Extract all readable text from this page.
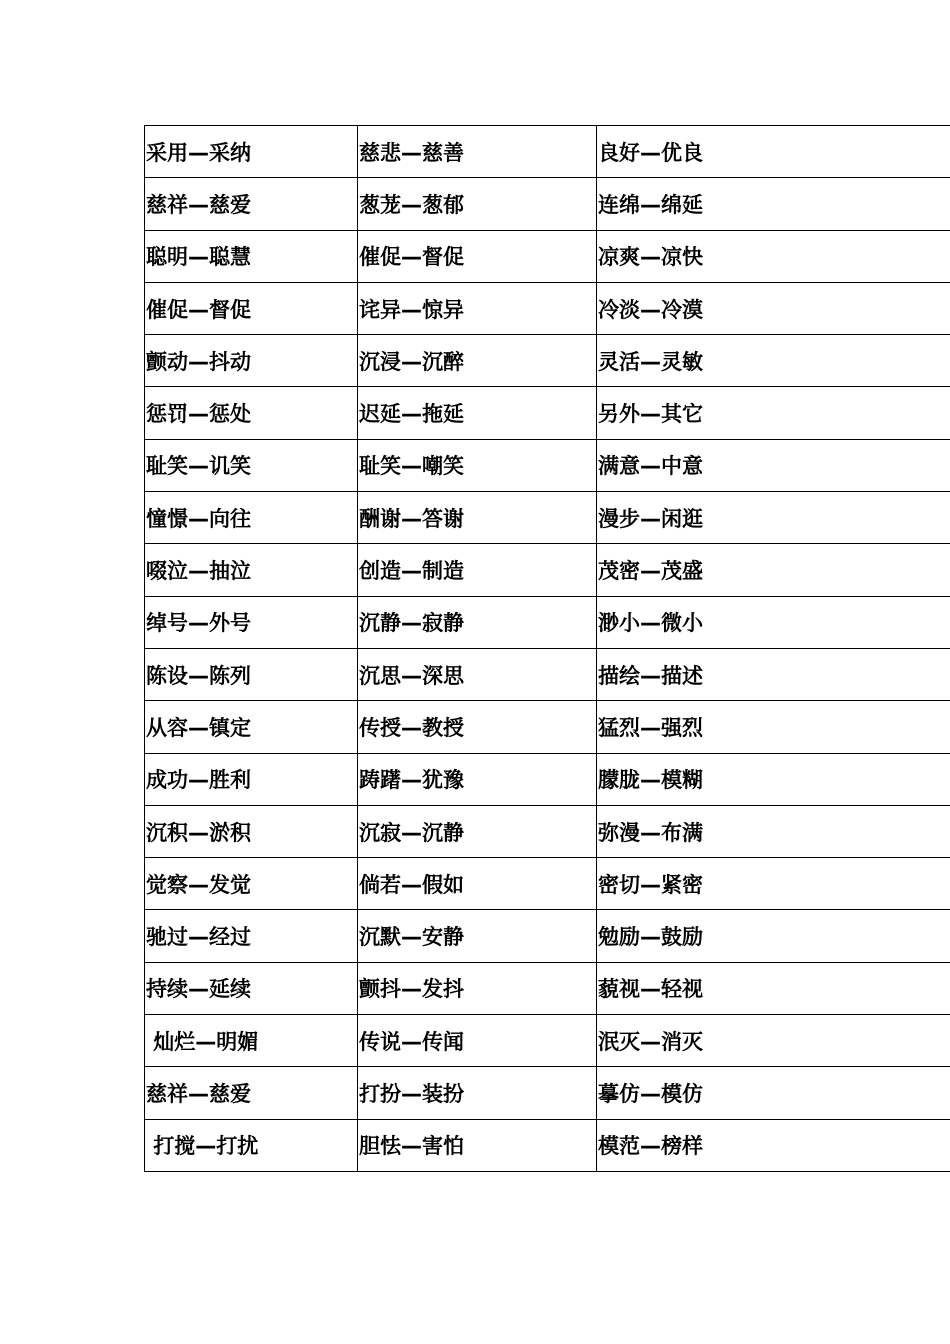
采用—采纳	慈悲—慈善	良好—优良
慈祥—慈爱	葱茏—葱郁	连绵—绵延
聪明—聪慧	催促—督促	凉爽—凉快
催促—督促	诧异—惊异	冷淡—冷漠
颤动—抖动	沉浸—沉醉	灵活—灵敏
惩罚—惩处	迟延—拖延	另外—其它
耻笑—讥笑	耻笑—嘲笑	满意—中意
憧憬—向往	酬谢—答谢	漫步—闲逛
啜泣—抽泣	创造—制造	茂密—茂盛
绰号—外号	沉静—寂静	渺小—微小
陈设—陈列	沉思—深思	描绘—描述
从容—镇定	传授—教授	猛烈—强烈
成功—胜利	踌躇—犹豫	朦胧—模糊
沉积—淤积	沉寂—沉静	弥漫—布满
觉察—发觉	倘若—假如	密切—紧密
驰过—经过	沉默—安静	勉励—鼓励
持续—延续	颤抖—发抖	藐视—轻视
灿烂—明媚	传说—传闻	泯灭—消灭
慈祥—慈爱	打扮—装扮	摹仿—模仿
打搅—打扰	胆怯—害怕	模范—榜样
